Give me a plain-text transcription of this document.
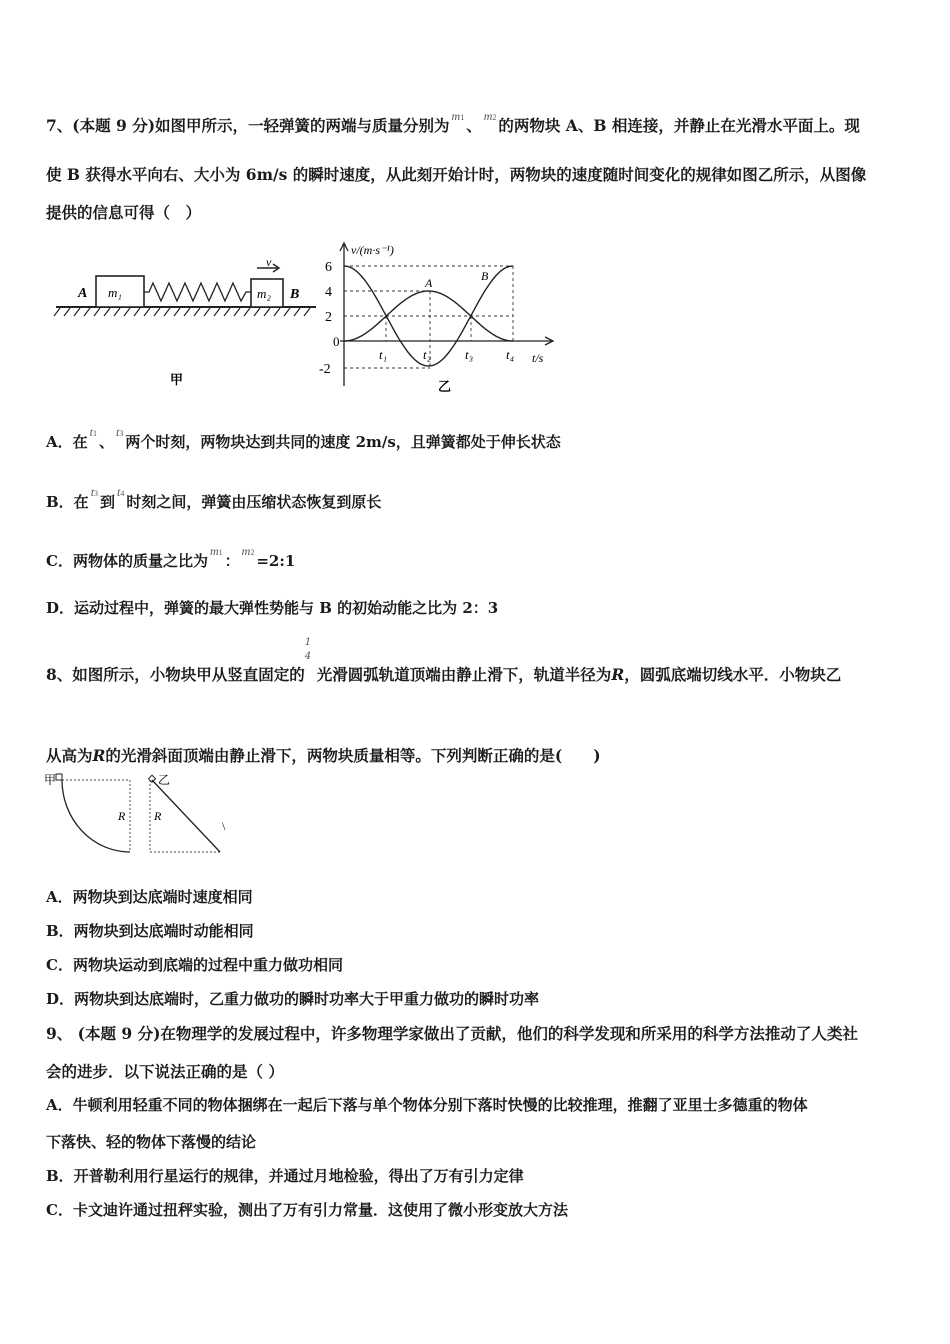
7、(本题 9 分)如图甲所示，一轻弹簧的两端与质量分别为 $^{m1}$ 、 $^{m2}$ 的两物块 A、B 相连接，并静止在光滑水平面上。现
使 B 获得水平向右、大小为 6m/s 的瞬时速度，从此刻开始计时，两物块的速度随时间变化的规律如图乙所示，从图像
提供的信息可得（　）
v
A m₁	m₂ B
甲
v/(m·s⁻¹)
t/s
6
4
2
0
-2
t₁	t₂	t₃	t₄
A	B
乙
A．在$^{t1}$ 、$^{t3}$ 两个时刻，两物块达到共同的速度 2m/s，且弹簧都处于伸长状态
B．在$^{t3}$ 到$^{t4}$ 时刻之间，弹簧由压缩状态恢复到原长
C．两物体的质量之比为$^{m1}$ ：$^{m2}$ =2:1
D．运动过程中，弹簧的最大弹性势能与 B 的初始动能之比为 2：3
8、如图所示，小物块甲从竖直固定的
1
4
光滑圆弧轨道顶端由静止滑下，轨道半径为R，圆弧底端切线水平．小物块乙
从高为R的光滑斜面顶端由静止滑下，两物块质量相等。下列判断正确的是(　　)
甲
R
乙
R
\
A．两物块到达底端时速度相同
B．两物块到达底端时动能相同
C．两物块运动到底端的过程中重力做功相同
D．两物块到达底端时，乙重力做功的瞬时功率大于甲重力做功的瞬时功率
9、 (本题 9 分)在物理学的发展过程中，许多物理学家做出了贡献，他们的科学发现和所采用的科学方法推动了人类社
会的进步．以下说法正确的是（ ）
A．牛顿利用轻重不同的物体捆绑在一起后下落与单个物体分别下落时快慢的比较推理，推翻了亚里士多德重的物体
下落快、轻的物体下落慢的结论
B．开普勒利用行星运行的规律，并通过月地检验，得出了万有引力定律
C．卡文迪许通过扭秤实验，测出了万有引力常量．这使用了微小形变放大方法
